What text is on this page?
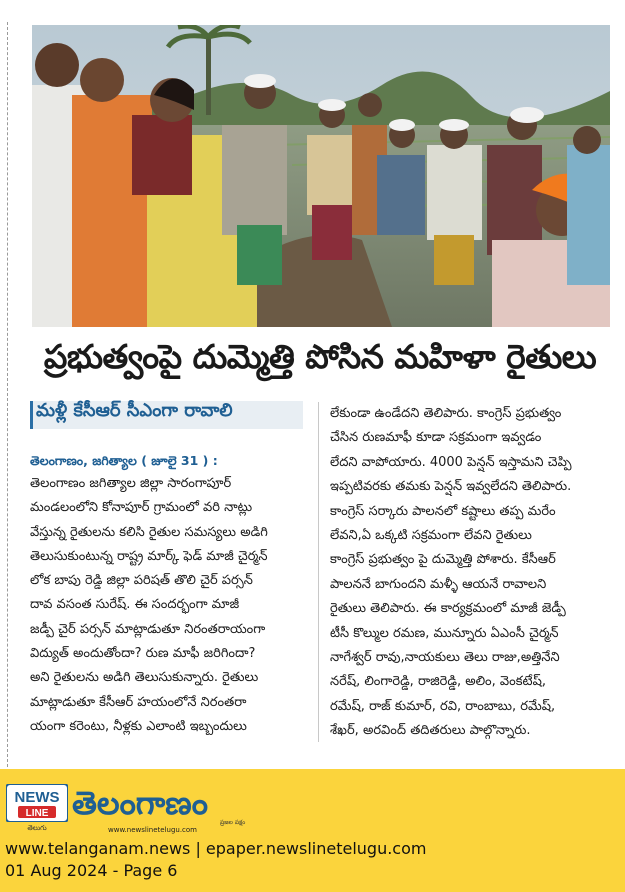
ప్రభుత్వంపై దుమ్మెత్తి పోసిన మహిళా రైతులు
మళ్లీ కేసీఆర్ సీఎంగా రావాలి
తెలంగాణం, జగిత్యాల ( జూలై 31 ) :
తెలంగాణం జగిత్యాల జిల్లా సారంగాపూర్
మండలంలోని కోనాపూర్ గ్రామంలో వరి నాట్లు
వేస్తున్న రైతులను కలిసి రైతుల సమస్యలు అడిగి
తెలుసుకుంటున్న రాష్ట్ర మార్క్ ఫెడ్ మాజీ చైర్మన్
లోక బాపు రెడ్డి జిల్లా పరిషత్ తొలి చైర్ పర్సన్
దావ వసంత సురేష్. ఈ సందర్భంగా మాజీ
జడ్పీ చైర్ పర్సన్ మాట్లాడుతూ నిరంతరాయంగా
విద్యుత్ అందుతోందా? రుణ మాఫీ జరిగిందా?
అని రైతులను అడిగి తెలుసుకున్నారు. రైతులు
మాట్లాడుతూ కేసీఆర్ హయంలోనే నిరంతరా
యంగా కరెంటు, నీళ్లకు ఎలాంటి ఇబ్బందులు
లేకుండా ఉండేదని తెలిపారు. కాంగ్రెస్ ప్రభుత్వం
చేసిన రుణమాఫీ కూడా సక్రమంగా ఇవ్వడం
లేదని వాపోయారు. 4000 పెన్షన్ ఇస్తామని చెప్పి
ఇప్పటివరకు తమకు పెన్షన్ ఇవ్వలేదని తెలిపారు.
కాంగ్రెస్ సర్కారు పాలనలో కష్టాలు తప్ప మరేం
లేవని,ఏ ఒక్కటి సక్రమంగా లేవని రైతులు
కాంగ్రెస్ ప్రభుత్వం పై దుమ్మెత్తి పోశారు. కేసీఆర్
పాలననే బాగుందని మళ్ళీ ఆయనే రావాలని
రైతులు తెలిపారు. ఈ కార్యక్రమంలో మాజీ జెడ్పీ
టీసీ కొల్ముల రమణ, మున్నూరు ఏఎంసీ చైర్మన్
నాగేశ్వర్ రావు,నాయకులు తెలు రాజు,అత్తినేని
నరేష్, లింగారెడ్డి, రాజిరెడ్డి, అలిం, వెంకటేష్,
రమేష్, రాజ్ కుమార్, రవి, రాంబాబు, రమేష్,
శేఖర్, అరవింద్ తదితరులు పాల్గొన్నారు.
NEWS
LINE
తెలుగు
తెలంగాణం
ప్రజల పక్షం
www.newslinetelugu.com
www.telanganam.news | epaper.newslinetelugu.com
01 Aug 2024 - Page 6
